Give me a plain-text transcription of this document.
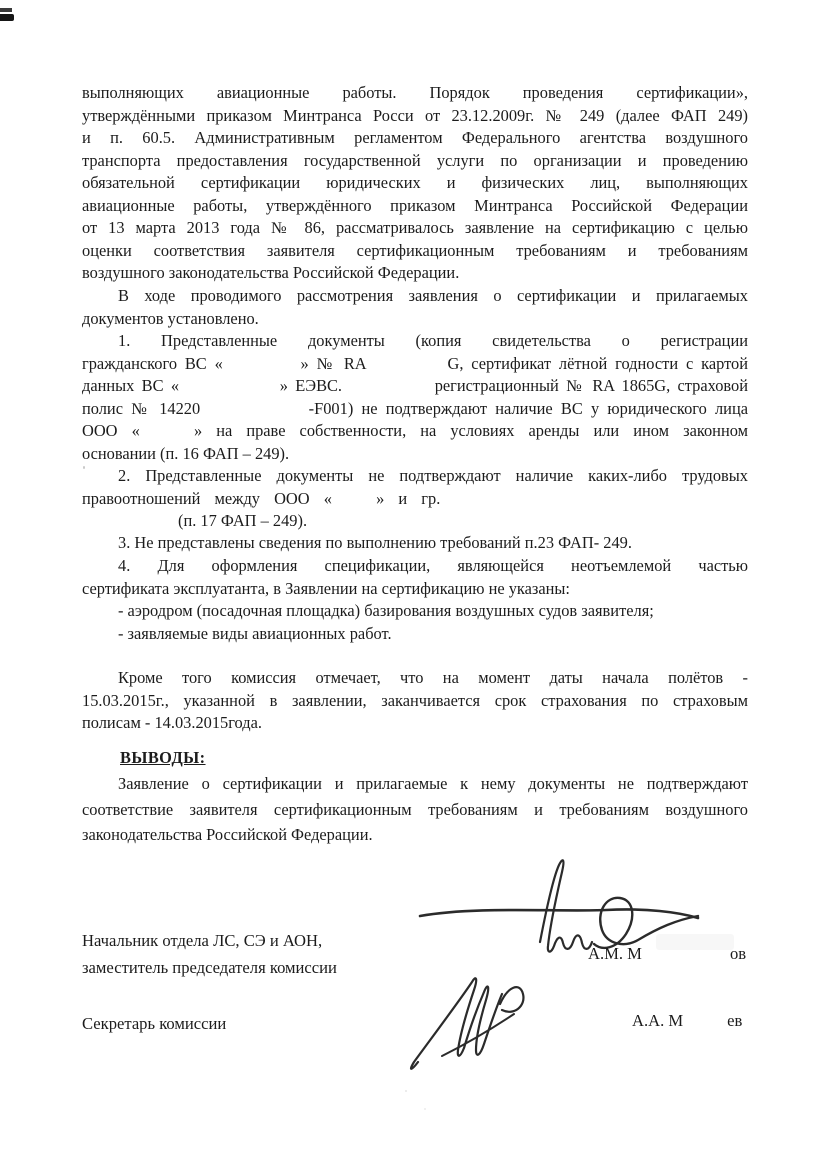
выполняющих авиационные работы. Порядок проведения сертификации»,
утверждёнными приказом Минтранса Росси от 23.12.2009г. № 249 (далее ФАП 249)
и п. 60.5. Административным регламентом Федерального агентства воздушного
транспорта предоставления государственной услуги по организации и проведению
обязательной сертификации юридических и физических лиц, выполняющих
авиационные работы, утверждённого приказом Минтранса Российской Федерации
от 13 марта 2013 года № 86, рассматривалось заявление на сертификацию с целью
оценки соответствия заявителя сертификационным требованиям и требованиям
воздушного законодательства Российской Федерации.
В ходе проводимого рассмотрения заявления о сертификации и прилагаемых
документов установлено.
1. Представленные документы (копия свидетельства о регистрации
гражданского ВС «	» № RA	G, сертификат лётной годности с картой
данных ВС «	» ЕЭВС.	регистрационный № RA 1865G, страховой
полис № 14220	-F001) не подтверждают наличие ВС у юридического лица
ООО «	» на праве собственности, на условиях аренды или ином законном
основании (п. 16 ФАП – 249).
2. Представленные документы не подтверждают наличие каких-либо трудовых
правоотношений между ООО «	» и гр.
(п. 17 ФАП – 249).
3. Не представлены сведения по выполнению требований п.23 ФАП- 249.
4. Для оформления спецификации, являющейся неотъемлемой частью
сертификата эксплуатанта, в Заявлении на сертификацию не указаны:
- аэродром (посадочная площадка) базирования воздушных судов заявителя;
- заявляемые виды авиационных работ.
Кроме того комиссия отмечает, что на момент даты начала полётов -
15.03.2015г., указанной в заявлении, заканчивается срок страхования по страховым
полисам - 14.03.2015года.
ВЫВОДЫ:
Заявление о сертификации и прилагаемые к нему документы не подтверждают
соответствие заявителя сертификационным требованиям и требованиям воздушного
законодательства Российской Федерации.
Начальник отдела ЛС, СЭ и АОН,
заместитель председателя комиссии
А.М. М	ов
Секретарь комиссии	А.А. М	ев
